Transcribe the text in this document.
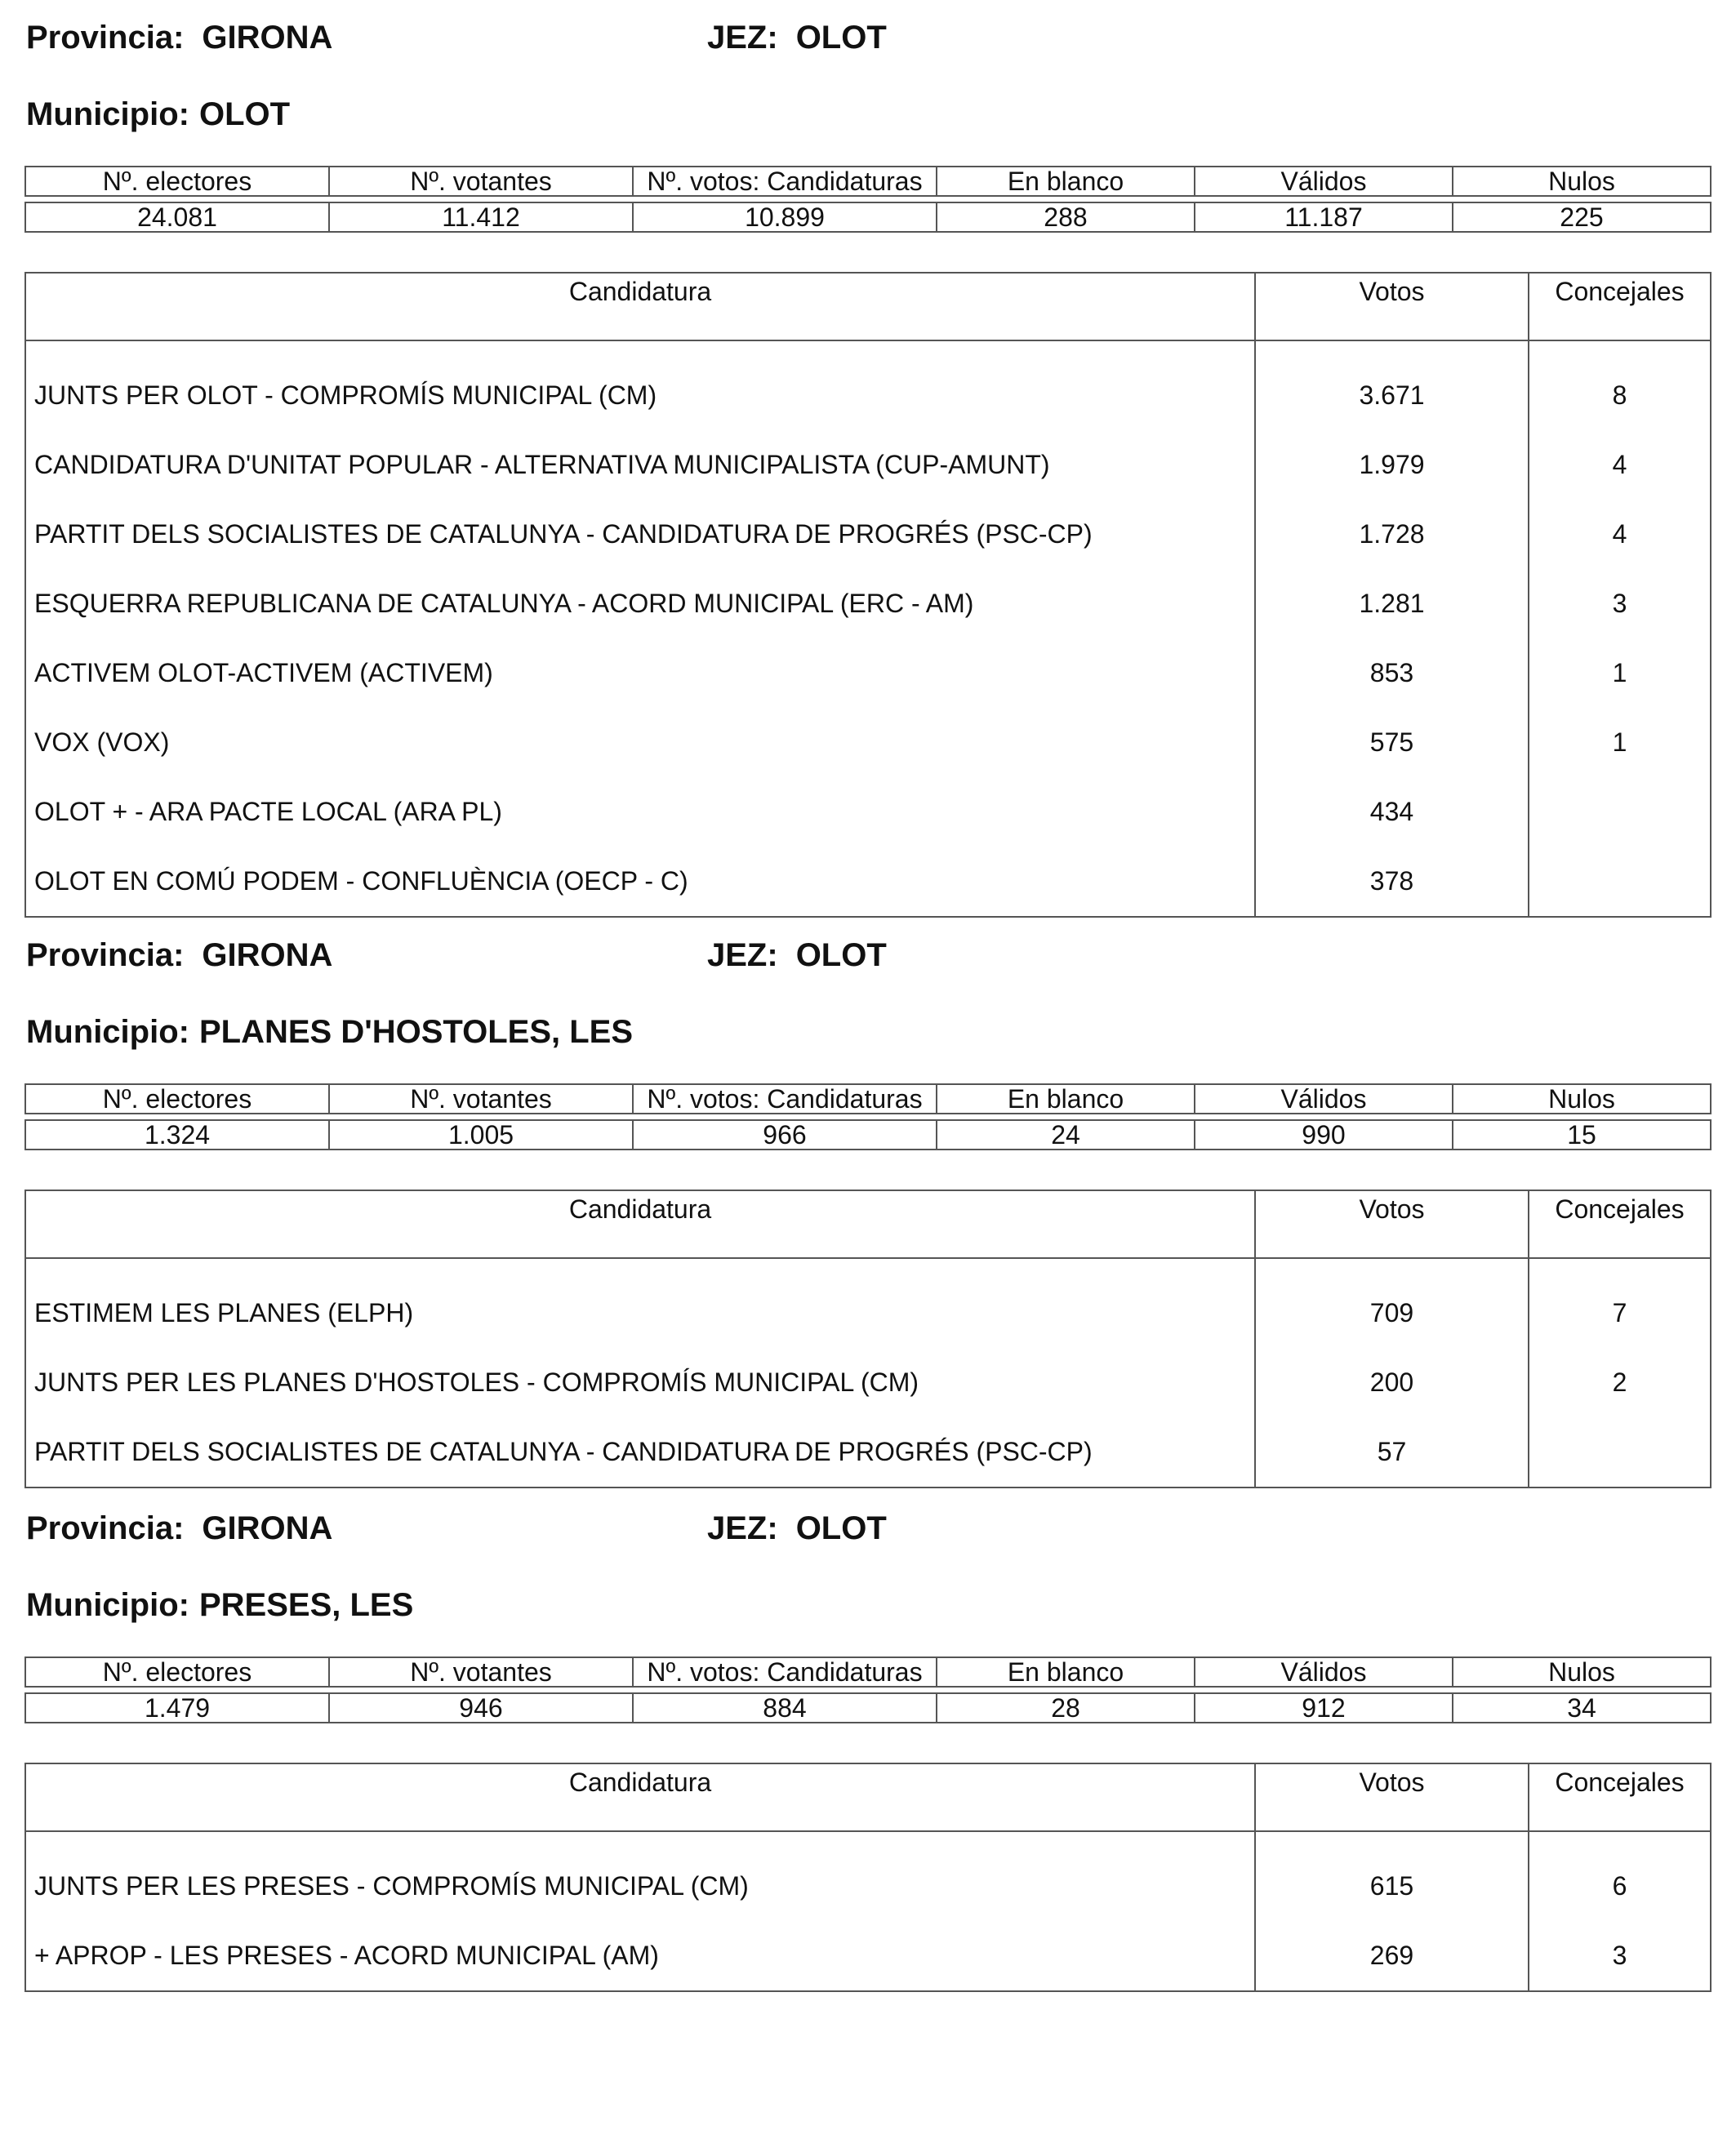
Provincia: GIRONA	JEZ: OLOT
Municipio: OLOT
Nº. electores	Nº. votantes	Nº. votos: Candidaturas	En blanco	Válidos	Nulos

24.081	11.412	10.899	288	11.187	225
Candidatura	Votos	Concejales
JUNTS PER OLOT - COMPROMÍS MUNICIPAL (CM)	3.671	8
CANDIDATURA D'UNITAT POPULAR - ALTERNATIVA MUNICIPALISTA (CUP-AMUNT)	1.979	4
PARTIT DELS SOCIALISTES DE CATALUNYA - CANDIDATURA DE PROGRÉS (PSC-CP)	1.728	4
ESQUERRA REPUBLICANA DE CATALUNYA - ACORD MUNICIPAL (ERC - AM)	1.281	3
ACTIVEM OLOT-ACTIVEM (ACTIVEM)	853	1
VOX (VOX)	575	1
OLOT + - ARA PACTE LOCAL (ARA PL)	434	
OLOT EN COMÚ PODEM - CONFLUÈNCIA (OECP - C)	378	
Provincia: GIRONA	JEZ: OLOT
Municipio: PLANES D'HOSTOLES, LES
Nº. electores	Nº. votantes	Nº. votos: Candidaturas	En blanco	Válidos	Nulos

1.324	1.005	966	24	990	15
Candidatura	Votos	Concejales
ESTIMEM LES PLANES (ELPH)	709	7
JUNTS PER LES PLANES D'HOSTOLES - COMPROMÍS MUNICIPAL (CM)	200	2
PARTIT DELS SOCIALISTES DE CATALUNYA - CANDIDATURA DE PROGRÉS (PSC-CP)	57	
Provincia: GIRONA	JEZ: OLOT
Municipio: PRESES, LES
Nº. electores	Nº. votantes	Nº. votos: Candidaturas	En blanco	Válidos	Nulos

1.479	946	884	28	912	34
Candidatura	Votos	Concejales
JUNTS PER LES PRESES - COMPROMÍS MUNICIPAL (CM)	615	6
+ APROP - LES PRESES - ACORD MUNICIPAL (AM)	269	3
